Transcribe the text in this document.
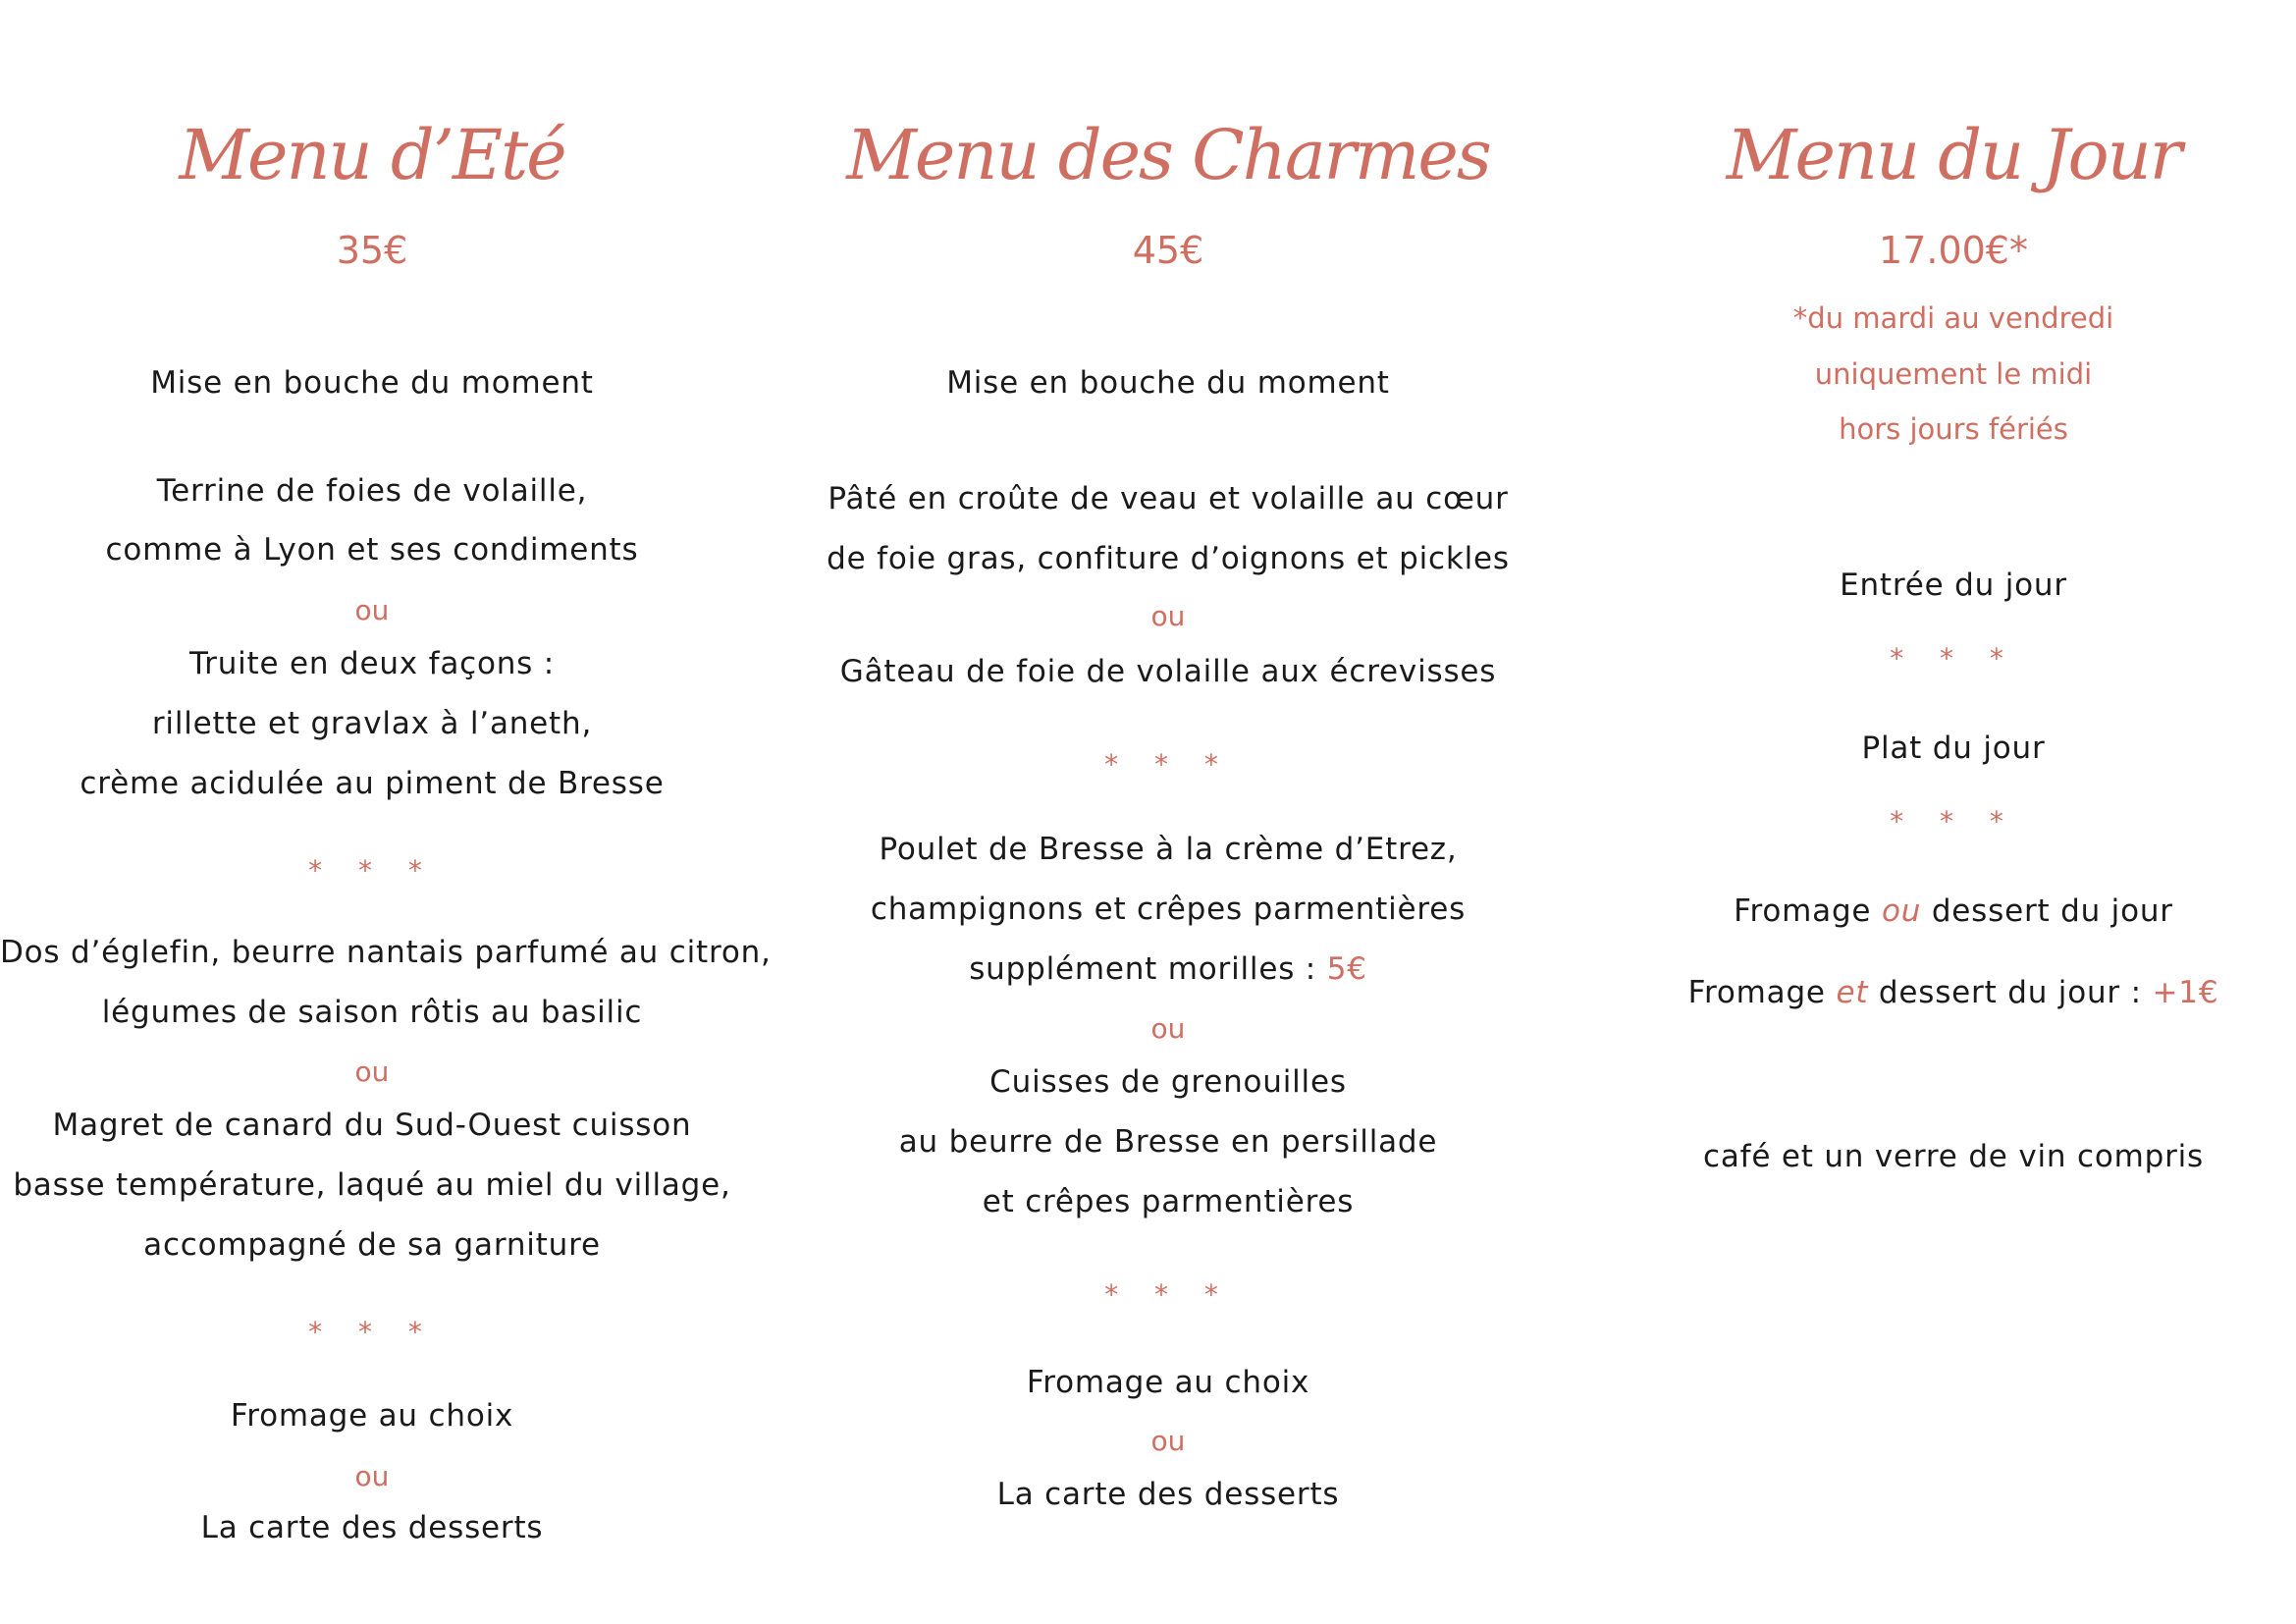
Menu d’Eté
35€
Mise en bouche du moment
Terrine de foies de volaille,
comme à Lyon et ses condiments
ou
Truite en deux façons :
rillette et gravlax à l’aneth,
crème acidulée au piment de Bresse
* * *
Dos d’églefin, beurre nantais parfumé au citron,
légumes de saison rôtis au basilic
ou
Magret de canard du Sud-Ouest cuisson
basse température, laqué au miel du village,
accompagné de sa garniture
* * *
Fromage au choix
ou
La carte des desserts
Menu des Charmes
45€
Mise en bouche du moment
Pâté en croûte de veau et volaille au cœur
de foie gras, confiture d’oignons et pickles
ou
Gâteau de foie de volaille aux écrevisses
* * *
Poulet de Bresse à la crème d’Etrez,
champignons et crêpes parmentières
supplément morilles : 5€
ou
Cuisses de grenouilles
au beurre de Bresse en persillade
et crêpes parmentières
* * *
Fromage au choix
ou
La carte des desserts
Menu du Jour
17.00€*
*du mardi au vendredi
uniquement le midi
hors jours fériés
Entrée du jour
* * *
Plat du jour
* * *
Fromage ou dessert du jour
Fromage et dessert du jour : +1€
café et un verre de vin compris
